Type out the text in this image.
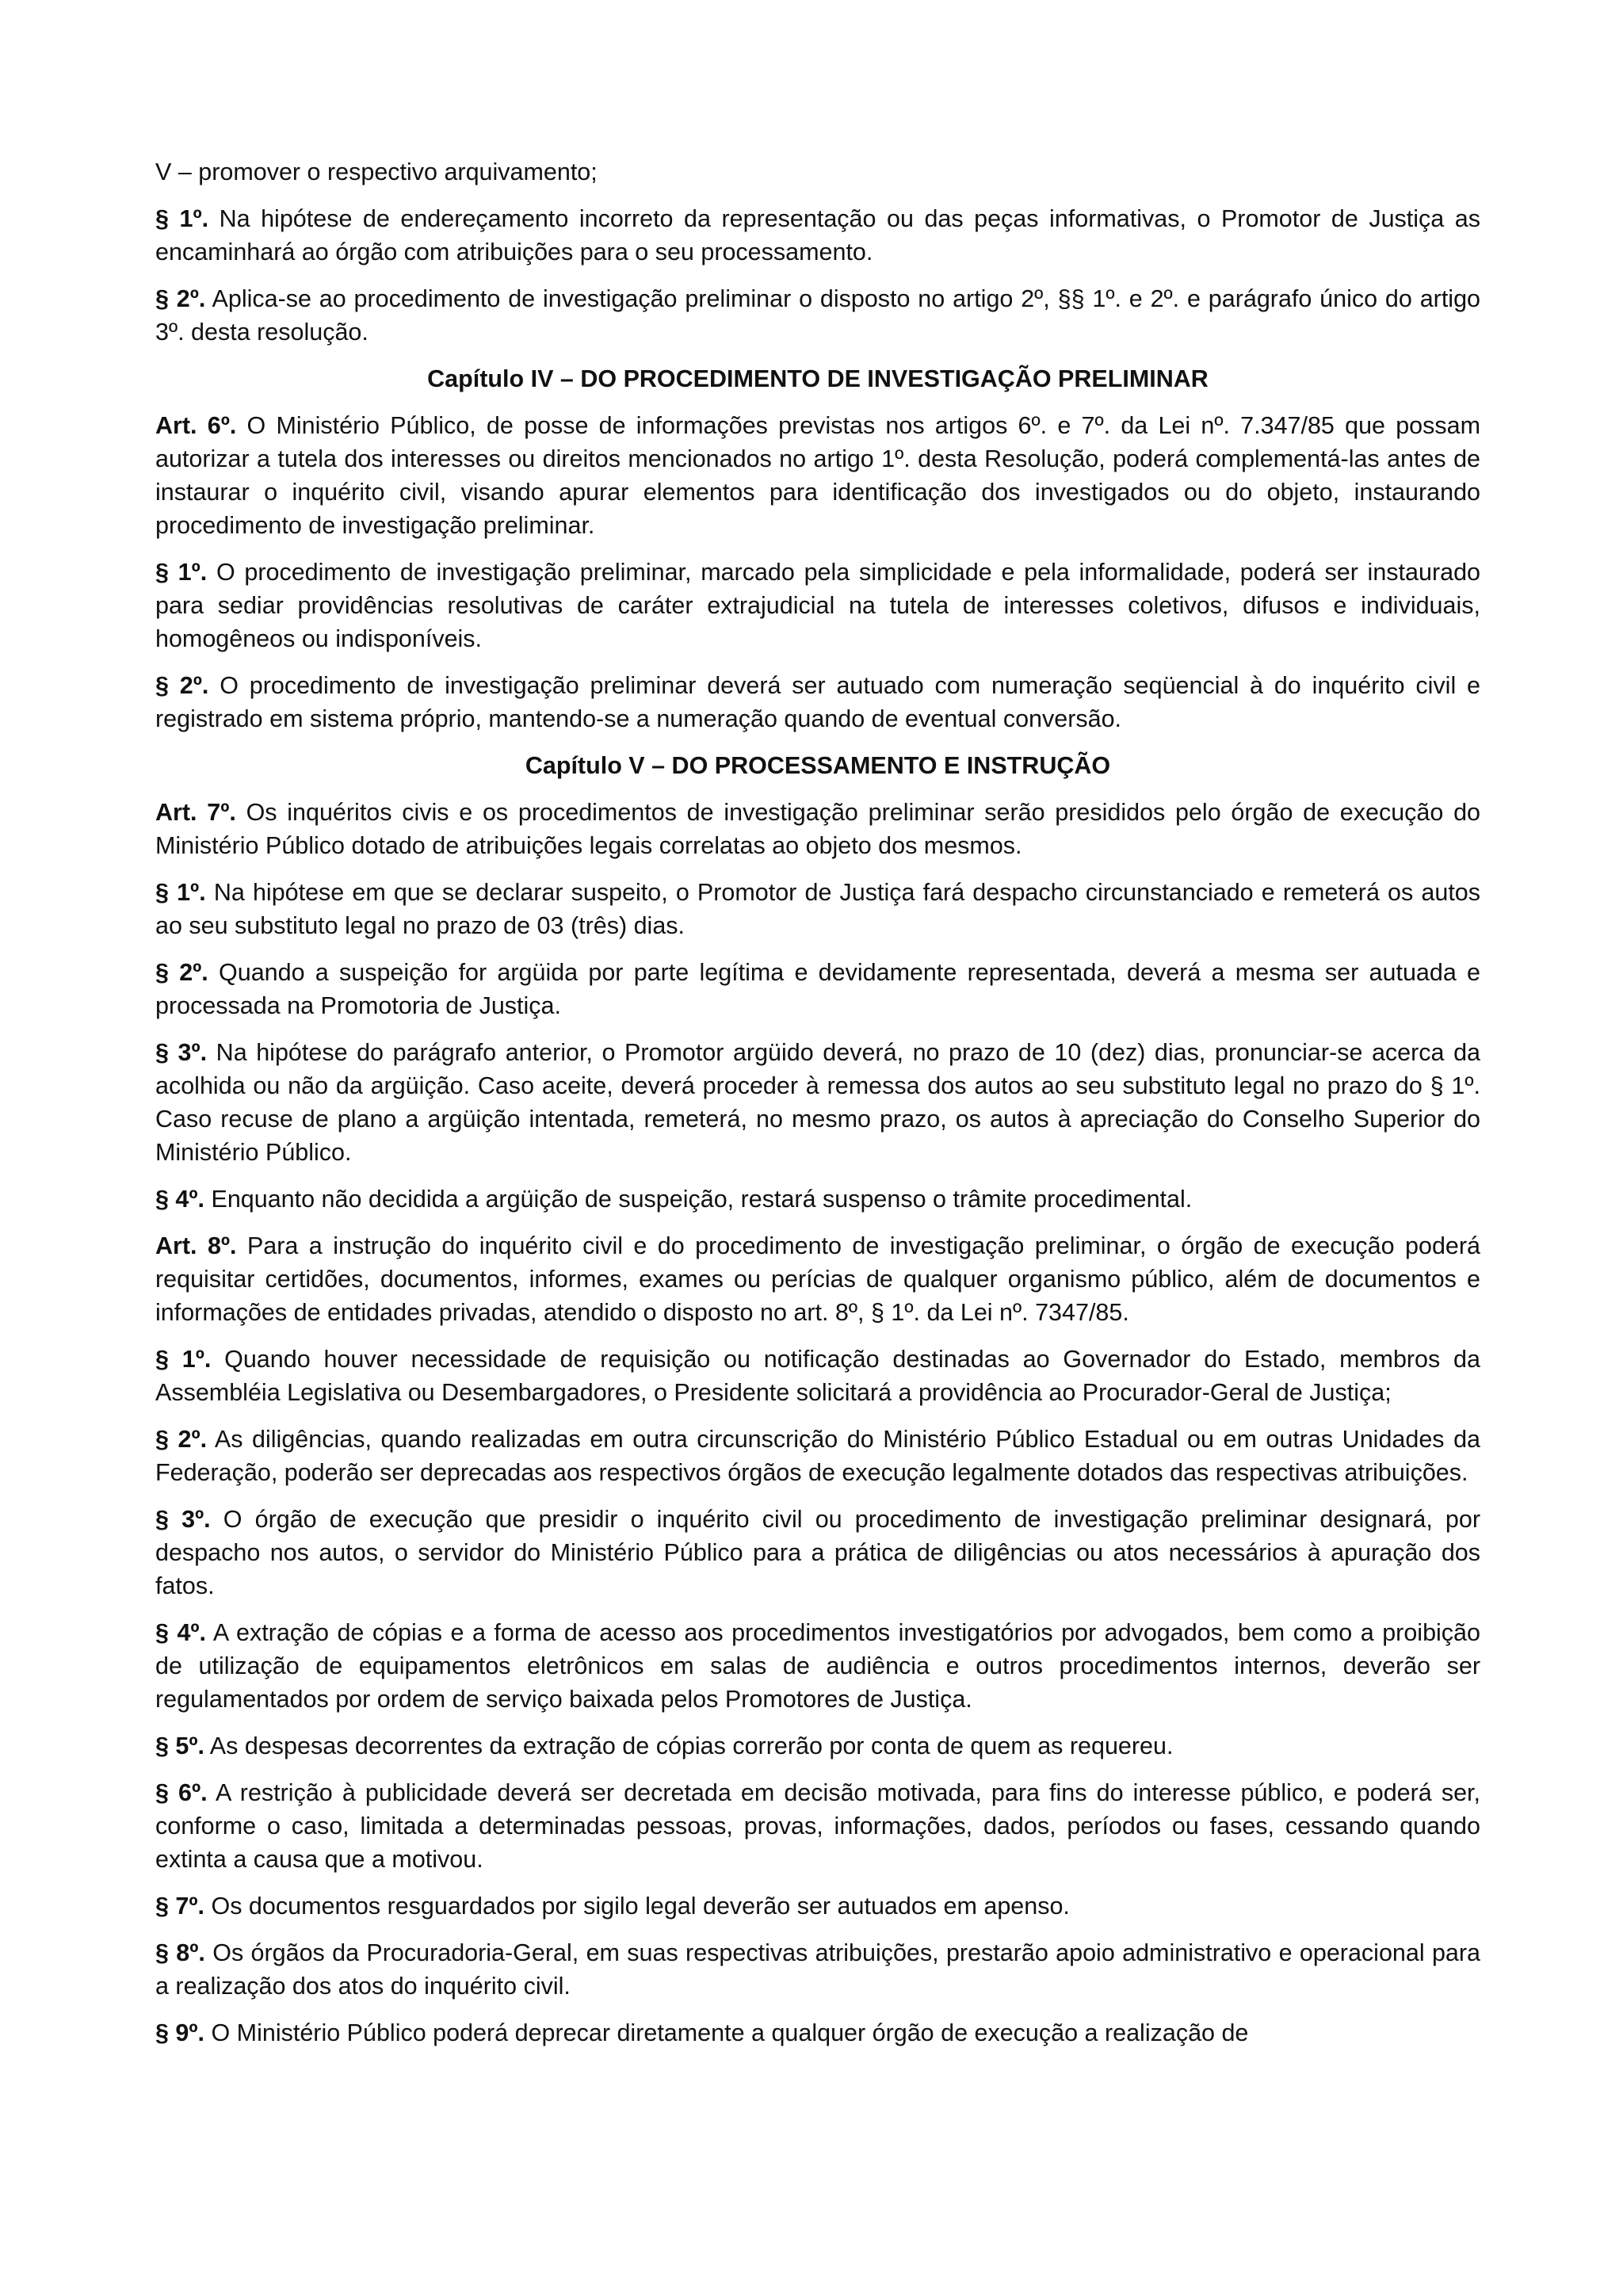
V – promover o respectivo arquivamento;

§ 1º. Na hipótese de endereçamento incorreto da representação ou das peças informativas, o Promotor de Justiça as encaminhará ao órgão com atribuições para o seu processamento.

§ 2º. Aplica-se ao procedimento de investigação preliminar o disposto no artigo 2º, §§ 1º. e 2º. e parágrafo único do artigo 3º. desta resolução.

Capítulo IV – DO PROCEDIMENTO DE INVESTIGAÇÃO PRELIMINAR

Art. 6º. O Ministério Público, de posse de informações previstas nos artigos 6º. e 7º. da Lei nº. 7.347/85 que possam autorizar a tutela dos interesses ou direitos mencionados no artigo 1º. desta Resolução, poderá complementá-las antes de instaurar o inquérito civil, visando apurar elementos para identificação dos investigados ou do objeto, instaurando procedimento de investigação preliminar.

§ 1º. O procedimento de investigação preliminar, marcado pela simplicidade e pela informalidade, poderá ser instaurado para sediar providências resolutivas de caráter extrajudicial na tutela de interesses coletivos, difusos e individuais, homogêneos ou indisponíveis.

§ 2º. O procedimento de investigação preliminar deverá ser autuado com numeração seqüencial à do inquérito civil e registrado em sistema próprio, mantendo-se a numeração quando de eventual conversão.

Capítulo V – DO PROCESSAMENTO E INSTRUÇÃO

Art. 7º. Os inquéritos civis e os procedimentos de investigação preliminar serão presididos pelo órgão de execução do Ministério Público dotado de atribuições legais correlatas ao objeto dos mesmos.

§ 1º. Na hipótese em que se declarar suspeito, o Promotor de Justiça fará despacho circunstanciado e remeterá os autos ao seu substituto legal no prazo de 03 (três) dias.

§ 2º. Quando a suspeição for argüida por parte legítima e devidamente representada, deverá a mesma ser autuada e processada na Promotoria de Justiça.

§ 3º. Na hipótese do parágrafo anterior, o Promotor argüido deverá, no prazo de 10 (dez) dias, pronunciar-se acerca da acolhida ou não da argüição. Caso aceite, deverá proceder à remessa dos autos ao seu substituto legal no prazo do § 1º. Caso recuse de plano a argüição intentada, remeterá, no mesmo prazo, os autos à apreciação do Conselho Superior do Ministério Público.

§ 4º. Enquanto não decidida a argüição de suspeição, restará suspenso o trâmite procedimental.

Art. 8º. Para a instrução do inquérito civil e do procedimento de investigação preliminar, o órgão de execução poderá requisitar certidões, documentos, informes, exames ou perícias de qualquer organismo público, além de documentos e informações de entidades privadas, atendido o disposto no art. 8º, § 1º. da Lei nº. 7347/85.

§ 1º. Quando houver necessidade de requisição ou notificação destinadas ao Governador do Estado, membros da Assembléia Legislativa ou Desembargadores, o Presidente solicitará a providência ao Procurador-Geral de Justiça;

§ 2º. As diligências, quando realizadas em outra circunscrição do Ministério Público Estadual ou em outras Unidades da Federação, poderão ser deprecadas aos respectivos órgãos de execução legalmente dotados das respectivas atribuições.

§ 3º. O órgão de execução que presidir o inquérito civil ou procedimento de investigação preliminar designará, por despacho nos autos, o servidor do Ministério Público para a prática de diligências ou atos necessários à apuração dos fatos.

§ 4º. A extração de cópias e a forma de acesso aos procedimentos investigatórios por advogados, bem como a proibição de utilização de equipamentos eletrônicos em salas de audiência e outros procedimentos internos, deverão ser regulamentados por ordem de serviço baixada pelos Promotores de Justiça.

§ 5º. As despesas decorrentes da extração de cópias correrão por conta de quem as requereu.

§ 6º. A restrição à publicidade deverá ser decretada em decisão motivada, para fins do interesse público, e poderá ser, conforme o caso, limitada a determinadas pessoas, provas, informações, dados, períodos ou fases, cessando quando extinta a causa que a motivou.

§ 7º. Os documentos resguardados por sigilo legal deverão ser autuados em apenso.

§ 8º. Os órgãos da Procuradoria-Geral, em suas respectivas atribuições, prestarão apoio administrativo e operacional para a realização dos atos do inquérito civil.

§ 9º. O Ministério Público poderá deprecar diretamente a qualquer órgão de execução a realização de
